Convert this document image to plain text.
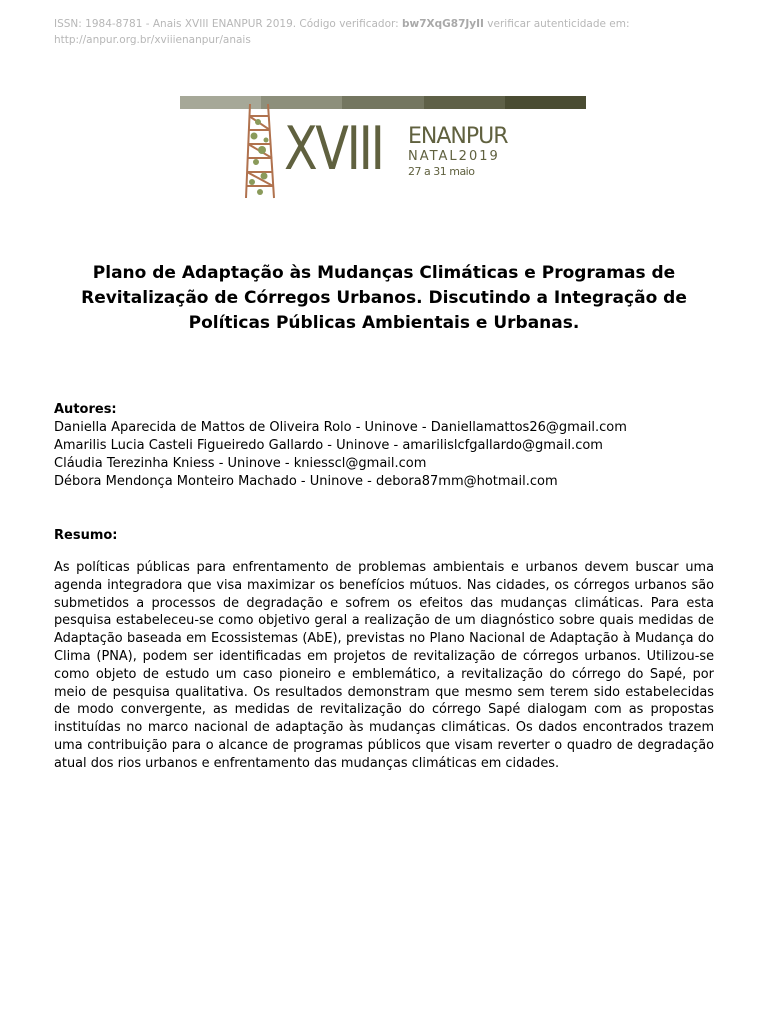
ISSN: 1984-8781 - Anais XVIII ENANPUR 2019. Código verificador: bw7XqG87JyII verificar autenticidade em:
http://anpur.org.br/xviiienanpur/anais
XVIII ENANPUR
NATAL2019
27 a 31 maio
Plano de Adaptação às Mudanças Climáticas e Programas de Revitalização de Córregos Urbanos. Discutindo a Integração de Políticas Públicas Ambientais e Urbanas.
Autores:
Daniella Aparecida de Mattos de Oliveira Rolo - Uninove - Daniellamattos26@gmail.com
Amarilis Lucia Casteli Figueiredo Gallardo - Uninove - amarilislcfgallardo@gmail.com
Cláudia Terezinha Kniess - Uninove - kniesscl@gmail.com
Débora Mendonça Monteiro Machado - Uninove - debora87mm@hotmail.com
Resumo:
As políticas públicas para enfrentamento de problemas ambientais e urbanos devem buscar uma agenda integradora que visa maximizar os benefícios mútuos. Nas cidades, os córregos urbanos são submetidos a processos de degradação e sofrem os efeitos das mudanças climáticas. Para esta pesquisa estabeleceu-se como objetivo geral a realização de um diagnóstico sobre quais medidas de Adaptação baseada em Ecossistemas (AbE), previstas no Plano Nacional de Adaptação à Mudança do Clima (PNA), podem ser identificadas em projetos de revitalização de córregos urbanos. Utilizou-se como objeto de estudo um caso pioneiro e emblemático, a revitalização do córrego do Sapé, por meio de pesquisa qualitativa. Os resultados demonstram que mesmo sem terem sido estabelecidas de modo convergente, as medidas de revitalização do córrego Sapé dialogam com as propostas instituídas no marco nacional de adaptação às mudanças climáticas. Os dados encontrados trazem uma contribuição para o alcance de programas públicos que visam reverter o quadro de degradação atual dos rios urbanos e enfrentamento das mudanças climáticas em cidades.
